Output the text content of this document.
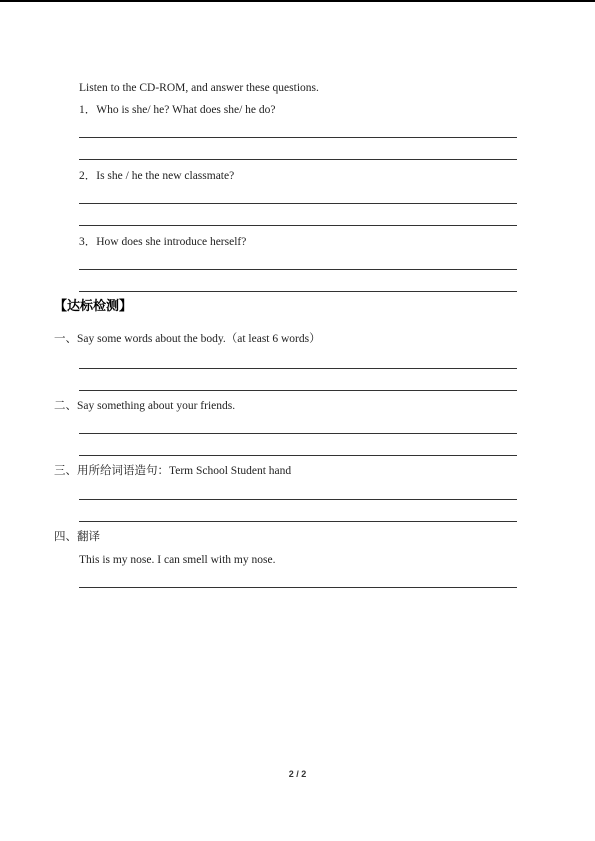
Listen to the CD-ROM, and answer these questions.
1．Who is she/ he? What does she/ he do?
2．Is she / he the new classmate?
3．How does she introduce herself?
【达标检测】
一、Say some words about the body.（at least 6 words）
二、Say something about your friends.
三、用所给词语造句：Term School Student hand
四、翻译
This is my nose. I can smell with my nose.
2 / 2
